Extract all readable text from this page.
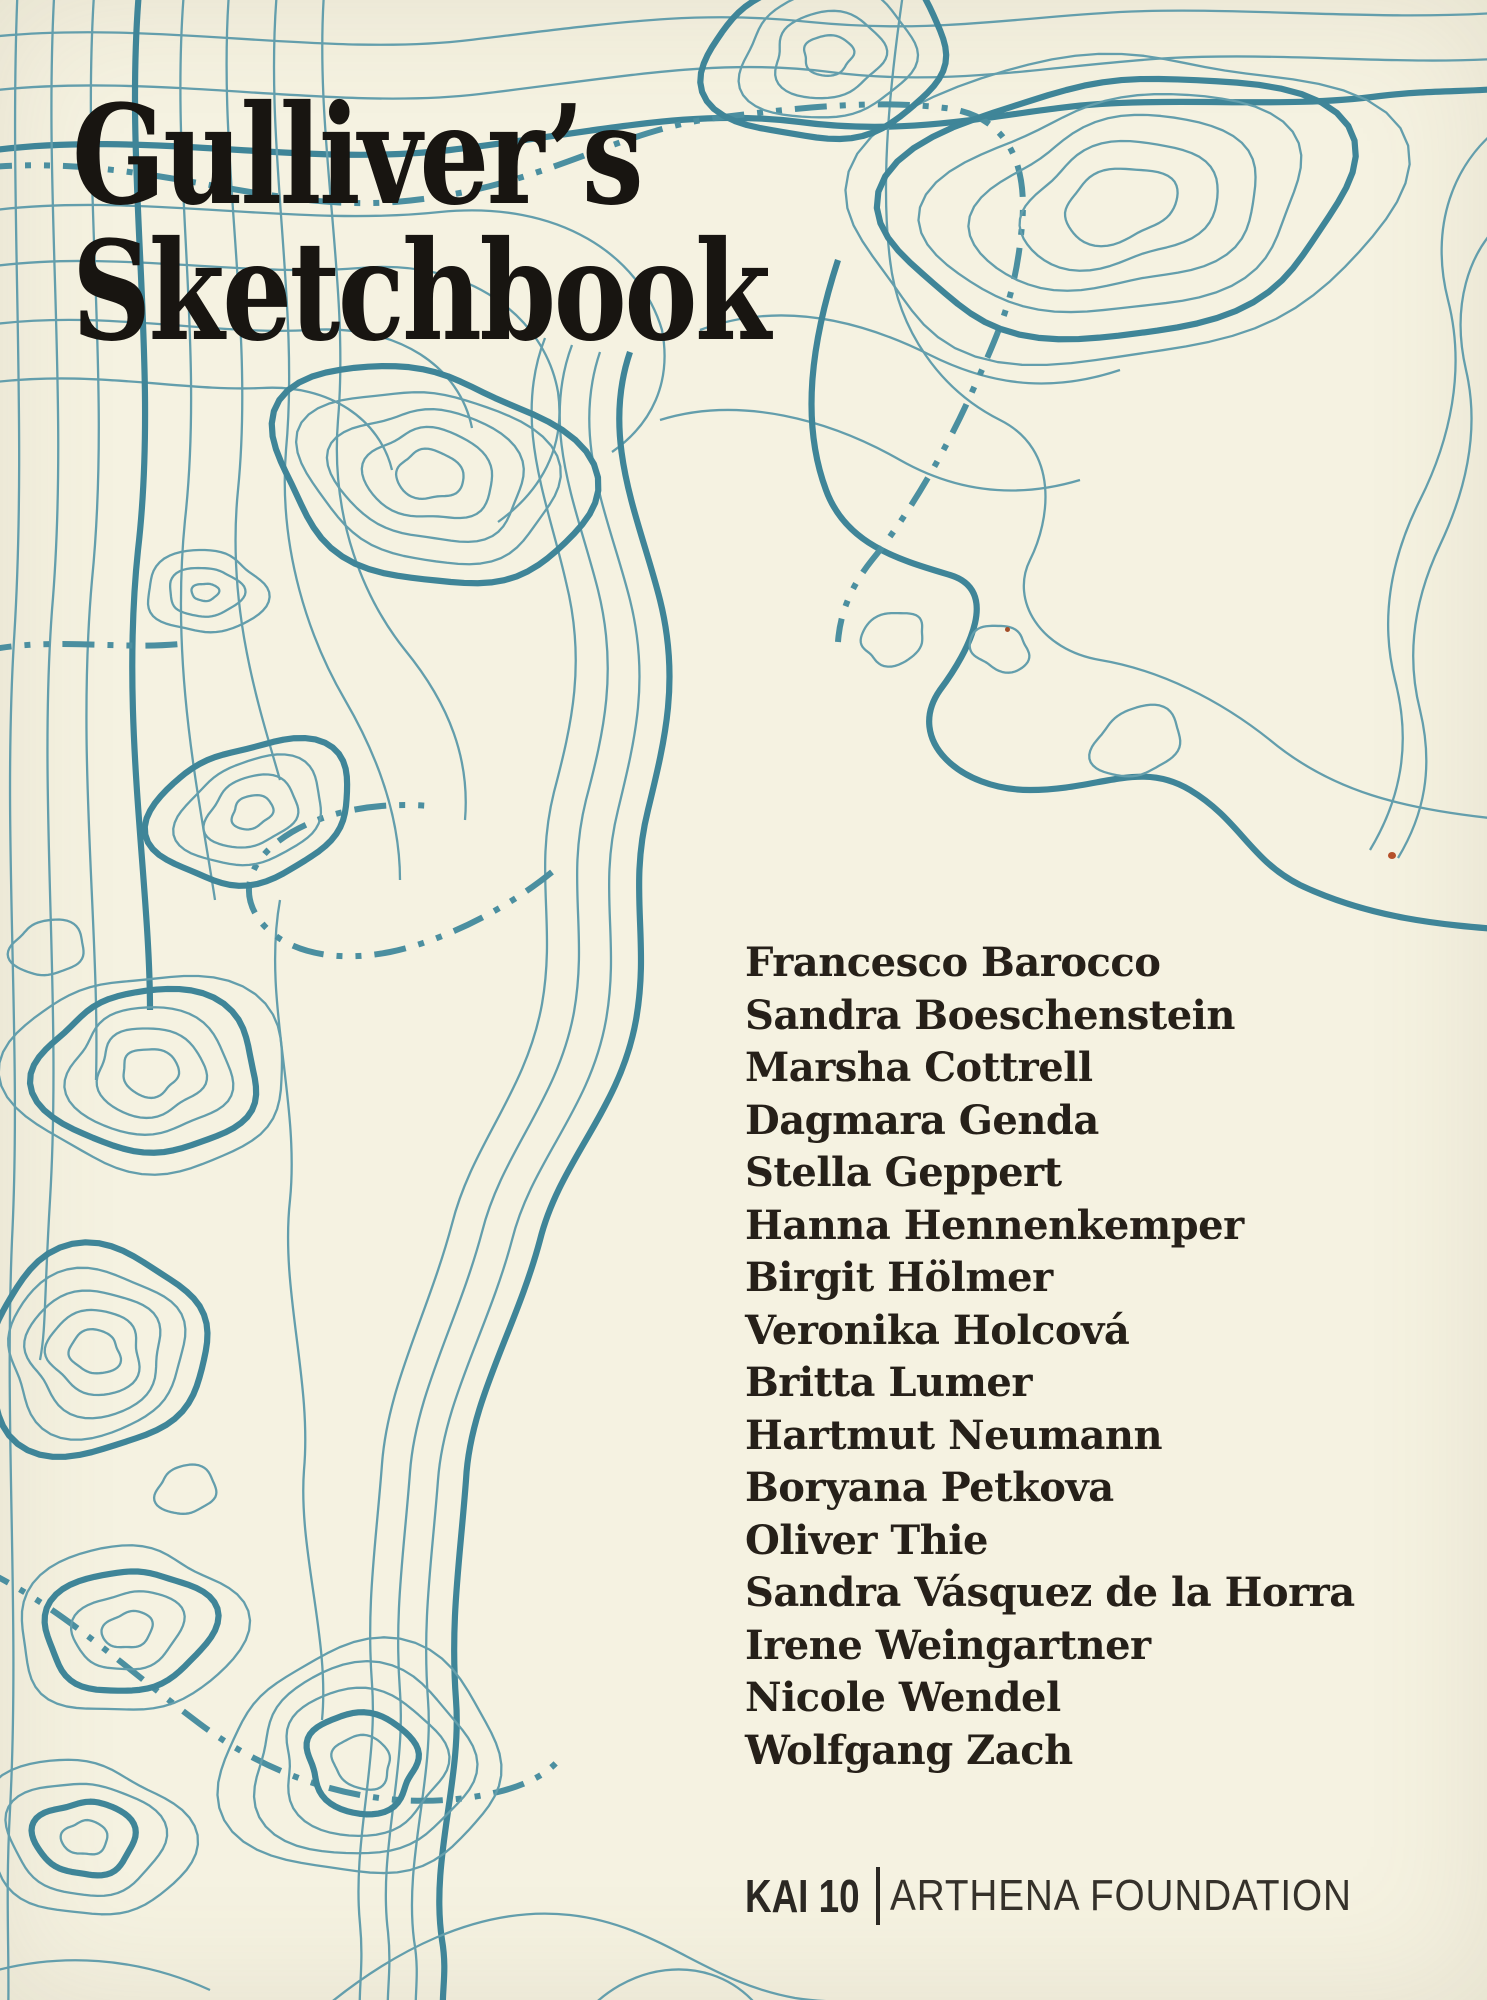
Gulliver’s
Sketchbook
Francesco Barocco
Sandra Boeschenstein
Marsha Cottrell
Dagmara Genda
Stella Geppert
Hanna Hennenkemper
Birgit Hölmer
Veronika Holcová
Britta Lumer
Hartmut Neumann
Boryana Petkova
Oliver Thie
Sandra Vásquez de la Horra
Irene Weingartner
Nicole Wendel
Wolfgang Zach
KAI 10 ARTHENA FOUNDATION
